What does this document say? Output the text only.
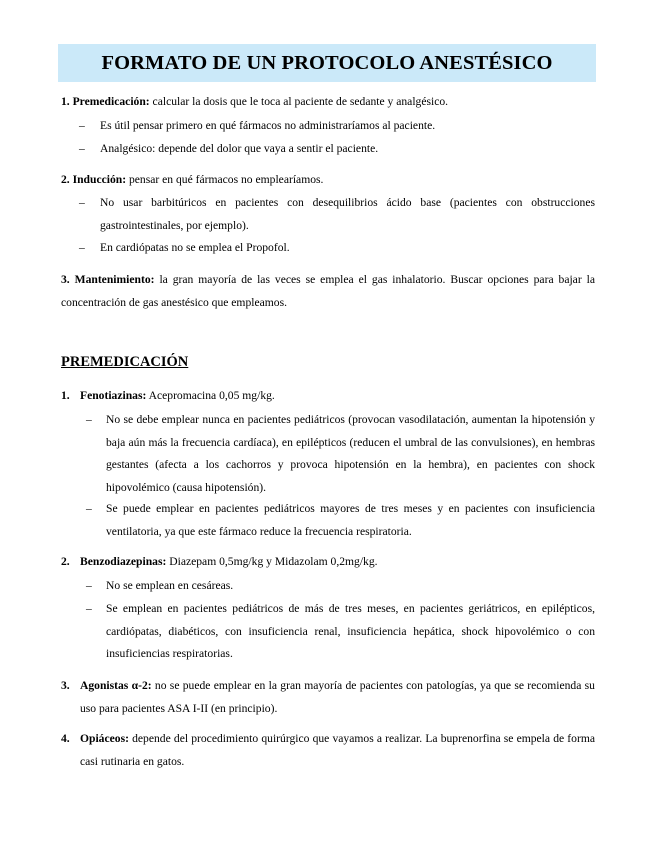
FORMATO DE UN PROTOCOLO ANESTÉSICO

1. Premedicación: calcular la dosis que le toca al paciente de sedante y analgésico.

– Es útil pensar primero en qué fármacos no administraríamos al paciente.
– Analgésico: depende del dolor que vaya a sentir el paciente.

2. Inducción: pensar en qué fármacos no emplearíamos.

– No usar barbitúricos en pacientes con desequilibrios ácido base (pacientes con obstrucciones gastrointestinales, por ejemplo).
– En cardiópatas no se emplea el Propofol.

3. Mantenimiento: la gran mayoría de las veces se emplea el gas inhalatorio. Buscar opciones para bajar la concentración de gas anestésico que empleamos.

PREMEDICACIÓN
1. Fenotiazinas: Acepromacina 0,05 mg/kg.
– No se debe emplear nunca en pacientes pediátricos (provocan vasodilatación, aumentan la hipotensión y baja aún más la frecuencia cardíaca), en epilépticos (reducen el umbral de las convulsiones), en hembras gestantes (afecta a los cachorros y provoca hipotensión en la hembra), en pacientes con shock hipovolémico (causa hipotensión).
– Se puede emplear en pacientes pediátricos mayores de tres meses y en pacientes con insuficiencia ventilatoria, ya que este fármaco reduce la frecuencia respiratoria.
2. Benzodiazepinas: Diazepam 0,5mg/kg y Midazolam 0,2mg/kg.
– No se emplean en cesáreas.
– Se emplean en pacientes pediátricos de más de tres meses, en pacientes geriátricos, en epilépticos, cardiópatas, diabéticos, con insuficiencia renal, insuficiencia hepática, shock hipovolémico o con insuficiencias respiratorias.
3. Agonistas α-2: no se puede emplear en la gran mayoría de pacientes con patologías, ya que se recomienda su uso para pacientes ASA I-II (en principio).
4. Opiáceos: depende del procedimiento quirúrgico que vayamos a realizar. La buprenorfina se empela de forma casi rutinaria en gatos.
